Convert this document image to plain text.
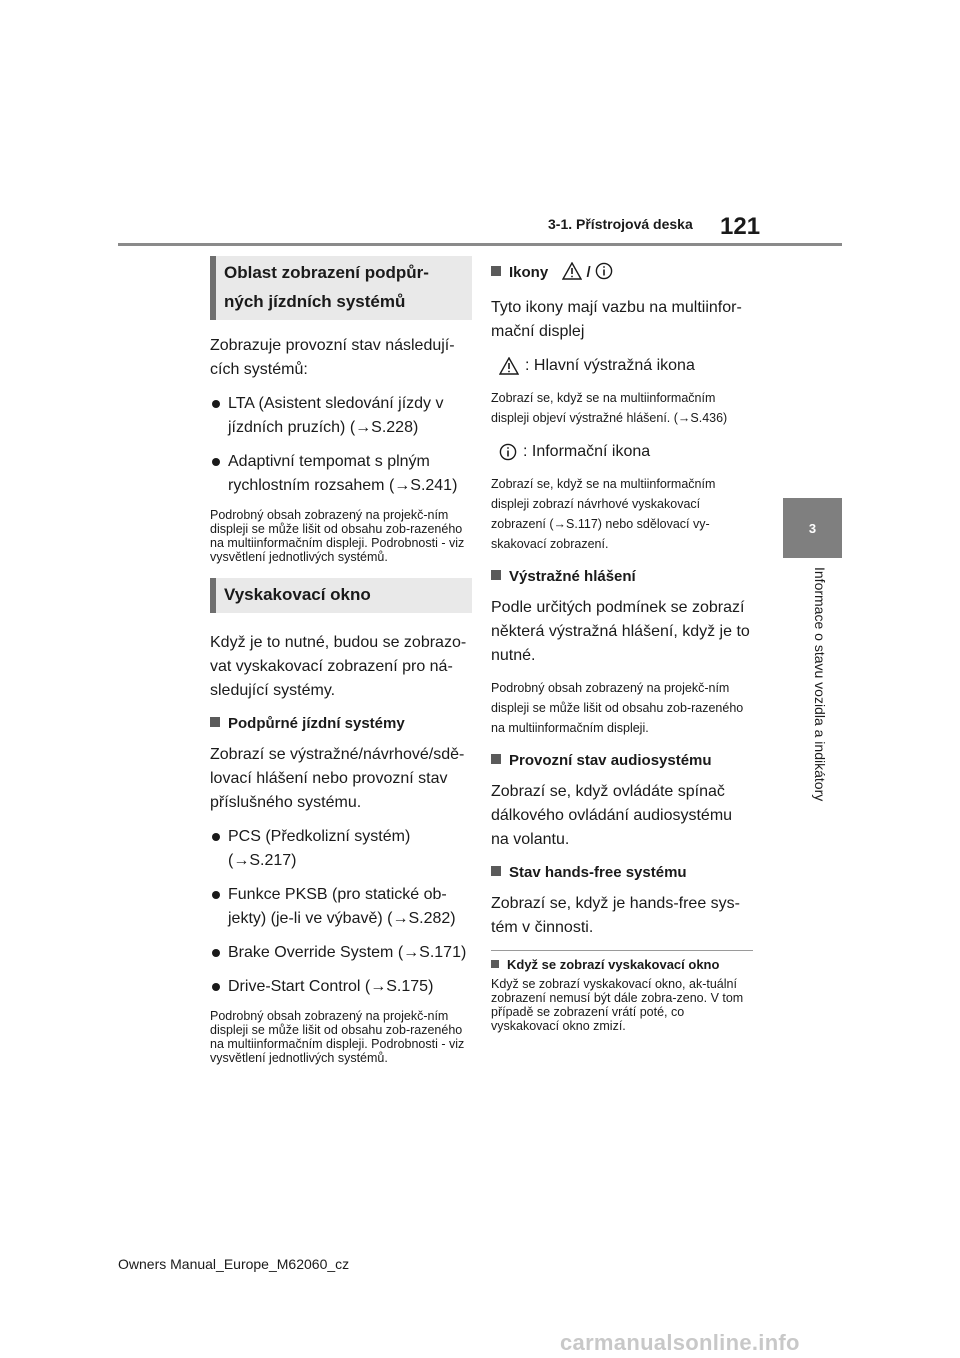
3-1. Přístrojová deska 121
3
Informace o stavu vozidla a indikátory
Oblast zobrazení podpůr-
ných jízdních systémů

Zobrazuje provozní stav následují-cích systémů:

LTA (Asistent sledování jízdy v jízdních pruzích) (→S.228)
Adaptivní tempomat s plným rychlostním rozsahem (→S.241)

Podrobný obsah zobrazený na projekč-ním displeji se může lišit od obsahu zob-razeného na multiinformačním displeji. Podrobnosti - viz vysvětlení jednotlivých systémů.

Vyskakovací okno

Když je to nutné, budou se zobrazo-vat vyskakovací zobrazení pro ná-sledující systémy.

Podpůrné jízdní systémy

Zobrazí se výstražné/návrhové/sdě-lovací hlášení nebo provozní stav příslušného systému.

PCS (Předkolizní systém) (→S.217)
Funkce PKSB (pro statické ob-jekty) (je-li ve výbavě) (→S.282)
Brake Override System (→S.171)
Drive-Start Control (→S.175)

Podrobný obsah zobrazený na projekč-ním displeji se může lišit od obsahu zob-razeného na multiinformačním displeji. Podrobnosti - viz vysvětlení jednotlivých systémů.

Ikony	/

Tyto ikony mají vazbu na multiinfor-mační displej

: Hlavní výstražná ikona

Zobrazí se, když se na multiinformačním displeji objeví výstražné hlášení. (→S.436)

: Informační ikona

Zobrazí se, když se na multiinformačním displeji zobrazí návrhové vyskakovací zobrazení (→S.117) nebo sdělovací vy-skakovací zobrazení.

Výstražné hlášení

Podle určitých podmínek se zobrazí některá výstražná hlášení, když je to nutné.

Podrobný obsah zobrazený na projekč-ním displeji se může lišit od obsahu zob-razeného na multiinformačním displeji.

Provozní stav audiosystému

Zobrazí se, když ovládáte spínač dálkového ovládání audiosystému na volantu.

Stav hands-free systému

Zobrazí se, když je hands-free sys-tém v činnosti.

Když se zobrazí vyskakovací okno

Když se zobrazí vyskakovací okno, ak-tuální zobrazení nemusí být dále zobra-zeno. V tom případě se zobrazení vrátí poté, co vyskakovací okno zmizí.

Owners Manual_Europe_M62060_cz
carmanualsonline.info
